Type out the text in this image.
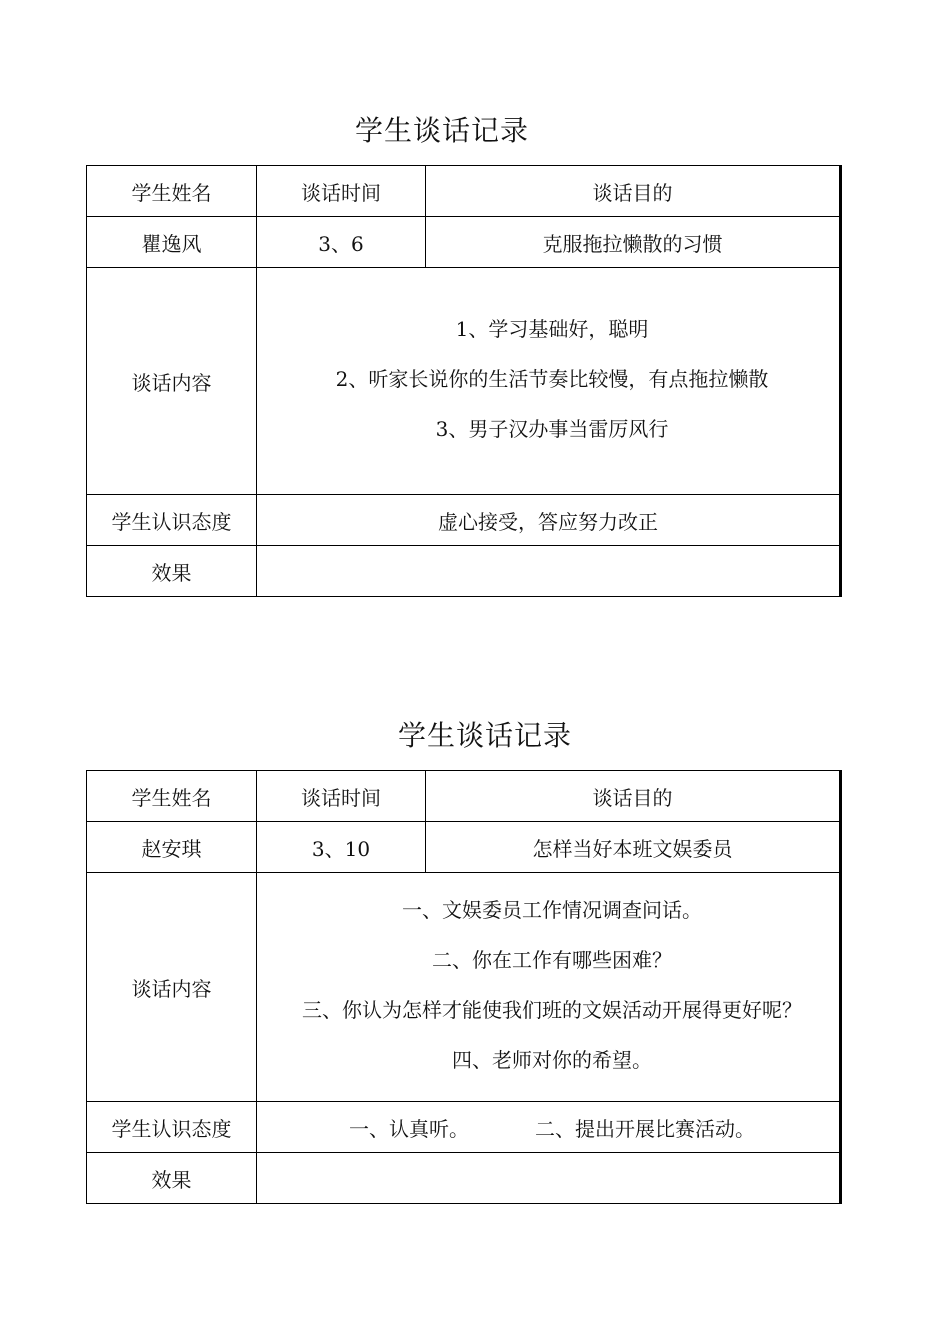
学生谈话记录
学生姓名	谈话时间	谈话目的
瞿逸风	3、6	克服拖拉懒散的习惯
谈话内容	1、学习基础好，聪明
2、听家长说你的生活节奏比较慢，有点拖拉懒散
3、男子汉办事当雷厉风行	

学生认识态度	虚心接受，答应努力改正	
效果		
学生谈话记录
学生姓名	谈话时间	谈话目的
赵安琪	3、10	怎样当好本班文娱委员
谈话内容	一、文娱委员工作情况调查问话。
二、你在工作有哪些困难？
三、你认为怎样才能使我们班的文娱活动开展得更好呢？
四、老师对你的希望。	

学生认识态度	一、认真听。 二、提出开展比赛活动。	
效果		
